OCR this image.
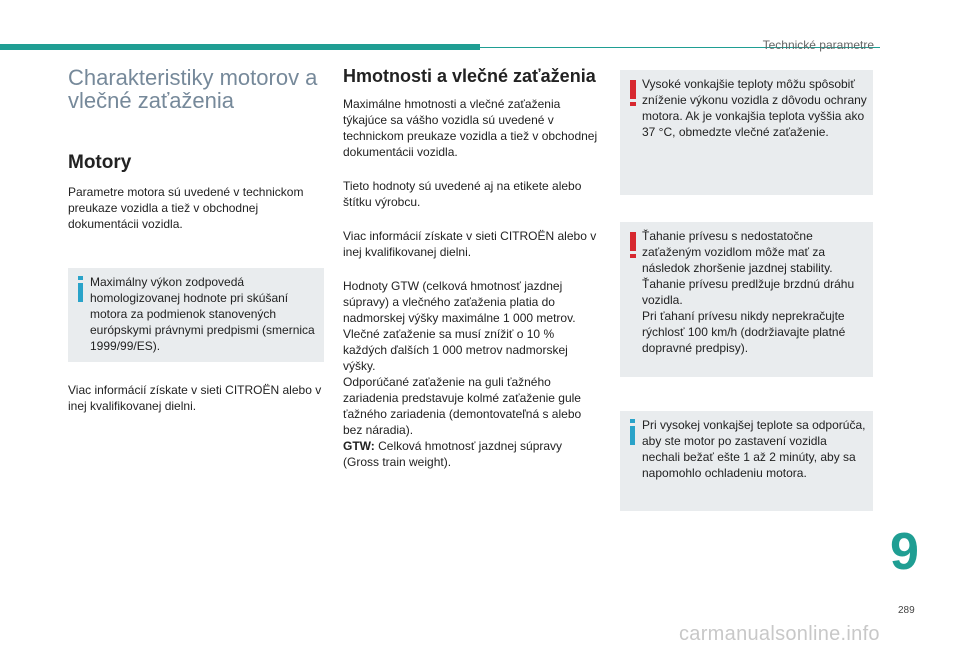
Technické parametre
Charakteristiky motorov a vlečné zaťaženia
Motory

Parametre motora sú uvedené v technickom preukaze vozidla a tiež v obchodnej dokumentácii vozidla.

Maximálny výkon zodpovedá homologizovanej hodnote pri skúšaní motora za podmienok stanovených európskymi právnymi predpismi (smernica 1999/99/ES).

Viac informácií získate v sieti CITROËN alebo v inej kvalifikovanej dielni.

Hmotnosti a vlečné zaťaženia

Maximálne hmotnosti a vlečné zaťaženia týkajúce sa vášho vozidla sú uvedené v technickom preukaze vozidla a tiež v obchodnej dokumentácii vozidla.

Tieto hodnoty sú uvedené aj na etikete alebo štítku výrobcu.

Viac informácií získate v sieti CITROËN alebo v inej kvalifikovanej dielni.

Hodnoty GTW (celková hmotnosť jazdnej súpravy) a vlečného zaťaženia platia do nadmorskej výšky maximálne 1 000 metrov.

Vlečné zaťaženie sa musí znížiť o 10 % každých ďalších 1 000 metrov nadmorskej výšky.

Odporúčané zaťaženie na guli ťažného zariadenia predstavuje kolmé zaťaženie gule ťažného zariadenia (demontovateľná s alebo bez náradia).

GTW: Celková hmotnosť jazdnej súpravy (Gross train weight).

Vysoké vonkajšie teploty môžu spôsobiť zníženie výkonu vozidla z dôvodu ochrany motora. Ak je vonkajšia teplota vyššia ako 37 °C, obmedzte vlečné zaťaženie.
Ťahanie prívesu s nedostatočne zaťaženým vozidlom môže mať za následok zhoršenie jazdnej stability.
Ťahanie prívesu predlžuje brzdnú dráhu vozidla.
Pri ťahaní prívesu nikdy neprekračujte rýchlosť 100 km/h (dodržiavajte platné dopravné predpisy).
Pri vysokej vonkajšej teplote sa odporúča, aby ste motor po zastavení vozidla nechali bežať ešte 1 až 2 minúty, aby sa napomohlo ochladeniu motora.
9
289
carmanualsonline.info
